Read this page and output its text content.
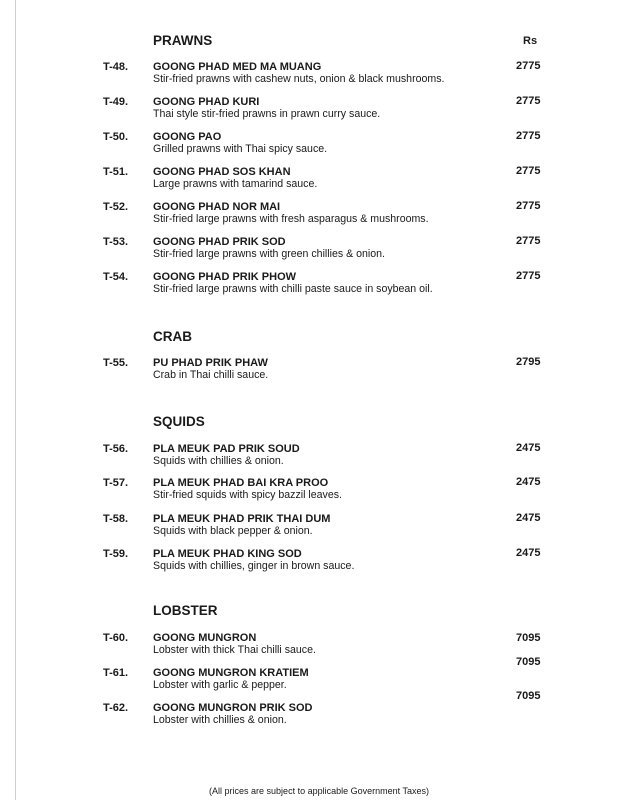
PRAWNS	Rs
T-48. GOONG PHAD MED MA MUANG
Stir-fried prawns with cashew nuts, onion & black mushrooms.
2775
T-49. GOONG PHAD KURI
Thai style stir-fried prawns in prawn curry sauce.
2775
T-50. GOONG PAO
Grilled prawns with Thai spicy sauce.
2775
T-51. GOONG PHAD SOS KHAN
Large prawns with tamarind sauce.
2775
T-52. GOONG PHAD NOR MAI
Stir-fried large prawns with fresh asparagus & mushrooms.
2775
T-53. GOONG PHAD PRIK SOD
Stir-fried large prawns with green chillies & onion.
2775
T-54. GOONG PHAD PRIK PHOW
Stir-fried large prawns with chilli paste sauce in soybean oil.
2775
CRAB
T-55. PU PHAD PRIK PHAW
Crab in Thai chilli sauce.
2795
SQUIDS
T-56. PLA MEUK PAD PRIK SOUD
Squids with chillies & onion.
2475
T-57. PLA MEUK PHAD BAI KRA PROO
Stir-fried squids with spicy bazzil leaves.
2475
T-58. PLA MEUK PHAD PRIK THAI DUM
Squids with black pepper & onion.
2475
T-59. PLA MEUK PHAD KING SOD
Squids with chillies, ginger in brown sauce.
2475
LOBSTER
T-60. GOONG MUNGRON
Lobster with thick Thai chilli sauce.
7095
T-61. GOONG MUNGRON KRATIEM
Lobster with garlic & pepper.
7095
T-62. GOONG MUNGRON PRIK SOD
Lobster with chillies & onion.
7095
(All prices are subject to applicable Government Taxes)
